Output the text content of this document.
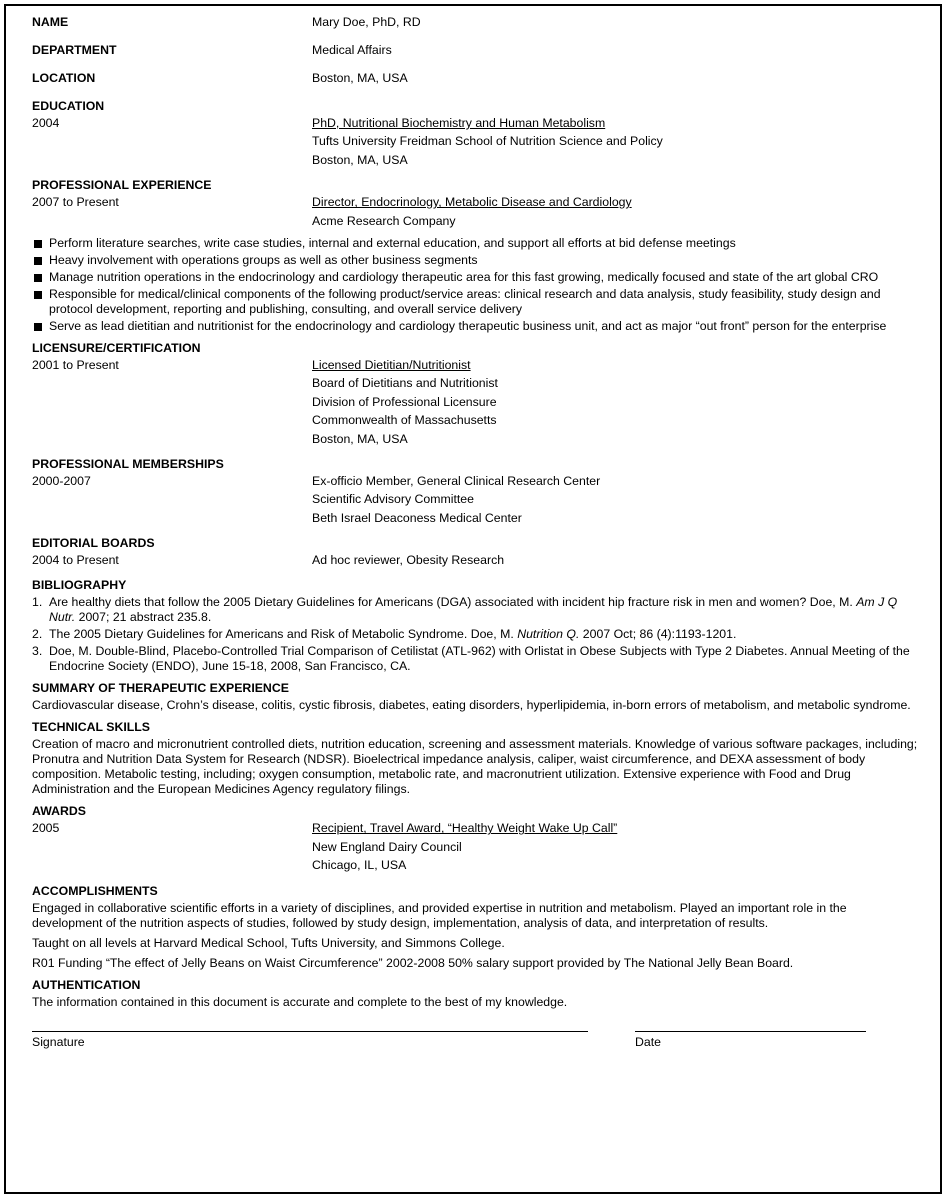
NAME	Mary Doe, PhD, RD
DEPARTMENT	Medical Affairs
LOCATION	Boston, MA, USA
EDUCATION
2004	PhD, Nutritional Biochemistry and Human Metabolism
Tufts University Freidman School of Nutrition Science and Policy
Boston, MA, USA
PROFESSIONAL EXPERIENCE
2007 to Present	Director, Endocrinology, Metabolic Disease and Cardiology
Acme Research Company
Perform literature searches, write case studies, internal and external education, and support all efforts at bid defense meetings
Heavy involvement with operations groups as well as other business segments
Manage nutrition operations in the endocrinology and cardiology therapeutic area for this fast growing, medically focused and state of the art global CRO
Responsible for medical/clinical components of the following product/service areas: clinical research and data analysis, study feasibility, study design and protocol development, reporting and publishing, consulting, and overall service delivery
Serve as lead dietitian and nutritionist for the endocrinology and cardiology therapeutic business unit, and act as major “out front” person for the enterprise
LICENSURE/CERTIFICATION
2001 to Present	Licensed Dietitian/Nutritionist
Board of Dietitians and Nutritionist
Division of Professional Licensure
Commonwealth of Massachusetts
Boston, MA, USA
PROFESSIONAL MEMBERSHIPS
2000-2007	Ex-officio Member, General Clinical Research Center
Scientific Advisory Committee
Beth Israel Deaconess Medical Center
EDITORIAL BOARDS
2004 to Present	Ad hoc reviewer, Obesity Research
BIBLIOGRAPHY
1. Are healthy diets that follow the 2005 Dietary Guidelines for Americans (DGA) associated with incident hip fracture risk in men and women? Doe, M. Am J Q Nutr. 2007; 21 abstract 235.8.
2. The 2005 Dietary Guidelines for Americans and Risk of Metabolic Syndrome. Doe, M. Nutrition Q. 2007 Oct; 86 (4):1193-1201.
3. Doe, M. Double-Blind, Placebo-Controlled Trial Comparison of Cetilistat (ATL-962) with Orlistat in Obese Subjects with Type 2 Diabetes. Annual Meeting of the Endocrine Society (ENDO), June 15-18, 2008, San Francisco, CA.
SUMMARY OF THERAPEUTIC EXPERIENCE

Cardiovascular disease, Crohn’s disease, colitis, cystic fibrosis, diabetes, eating disorders, hyperlipidemia, in-born errors of metabolism, and metabolic syndrome.

TECHNICAL SKILLS

Creation of macro and micronutrient controlled diets, nutrition education, screening and assessment materials. Knowledge of various software packages, including; Pronutra and Nutrition Data System for Research (NDSR). Bioelectrical impedance analysis, caliper, waist circumference, and DEXA assessment of body composition. Metabolic testing, including; oxygen consumption, metabolic rate, and macronutrient utilization. Extensive experience with Food and Drug Administration and the European Medicines Agency regulatory filings.

AWARDS
2005	Recipient, Travel Award, “Healthy Weight Wake Up Call”
New England Dairy Council
Chicago, IL, USA
ACCOMPLISHMENTS

Engaged in collaborative scientific efforts in a variety of disciplines, and provided expertise in nutrition and metabolism. Played an important role in the development of the nutrition aspects of studies, followed by study design, implementation, analysis of data, and interpretation of results.

Taught on all levels at Harvard Medical School, Tufts University, and Simmons College.

R01 Funding “The effect of Jelly Beans on Waist Circumference” 2002-2008 50% salary support provided by The National Jelly Bean Board.

AUTHENTICATION

The information contained in this document is accurate and complete to the best of my knowledge.

Signature	Date
